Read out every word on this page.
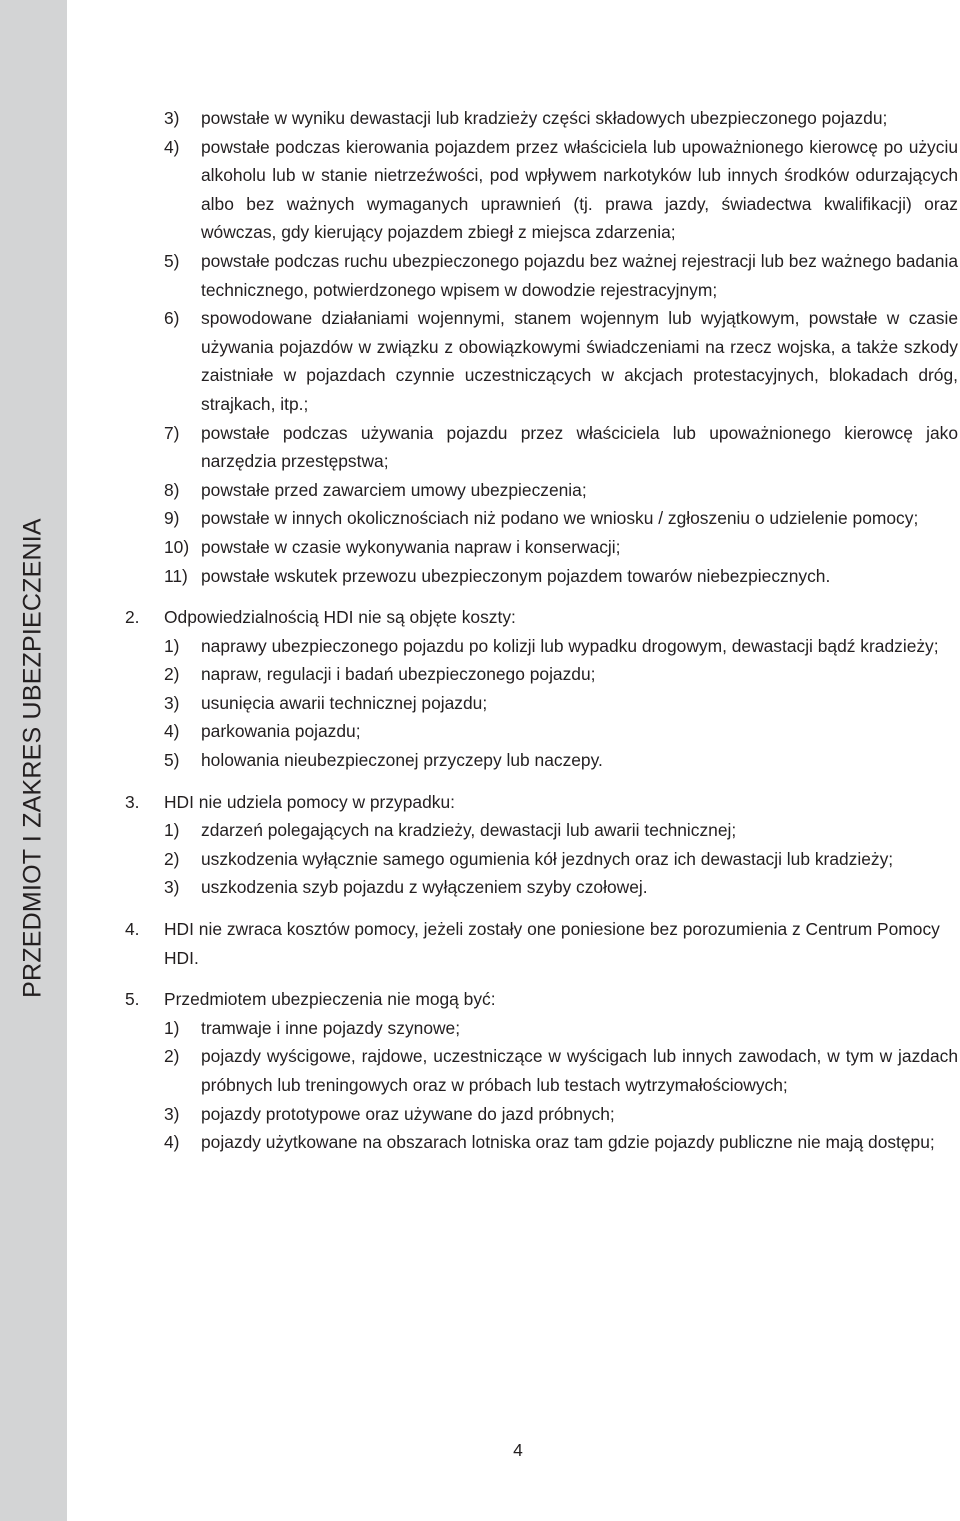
PRZEDMIOT I ZAKRES UBEZPIECZENIA
3) powstałe w wyniku dewastacji lub kradzieży części składowych ubezpieczonego pojazdu;
4) powstałe podczas kierowania pojazdem przez właściciela lub upoważnionego kierowcę po użyciu alkoholu lub w stanie nietrzeźwości, pod wpływem narkotyków lub innych środków odurzających albo bez ważnych wymaganych uprawnień (tj. prawa jazdy, świadectwa kwalifikacji) oraz wówczas, gdy kierujący pojazdem zbiegł z miejsca zdarzenia;
5) powstałe podczas ruchu ubezpieczonego pojazdu bez ważnej rejestracji lub bez ważnego badania technicznego, potwierdzonego wpisem w dowodzie rejestracyjnym;
6) spowodowane działaniami wojennymi, stanem wojennym lub wyjątkowym, powstałe w czasie używania pojazdów w związku z obowiązkowymi świadczeniami na rzecz wojska, a także szkody zaistniałe w pojazdach czynnie uczestniczących w akcjach protestacyjnych, blokadach dróg, strajkach, itp.;
7) powstałe podczas używania pojazdu przez właściciela lub upoważnionego kierowcę jako narzędzia przestępstwa;
8) powstałe przed zawarciem umowy ubezpieczenia;
9) powstałe w innych okolicznościach niż podano we wniosku / zgłoszeniu o udzielenie pomocy;
10) powstałe w czasie wykonywania napraw i konserwacji;
11) powstałe wskutek przewozu ubezpieczonym pojazdem towarów niebezpiecznych.
2. Odpowiedzialnością HDI nie są objęte koszty:
1) naprawy ubezpieczonego pojazdu po kolizji lub wypadku drogowym, dewastacji bądź kradzieży;
2) napraw, regulacji i badań ubezpieczonego pojazdu;
3) usunięcia awarii technicznej pojazdu;
4) parkowania pojazdu;
5) holowania nieubezpieczonej przyczepy lub naczepy.
3. HDI nie udziela pomocy w przypadku:
1) zdarzeń polegających na kradzieży, dewastacji lub awarii technicznej;
2) uszkodzenia wyłącznie samego ogumienia kół jezdnych oraz ich dewastacji lub kradzieży;
3) uszkodzenia szyb pojazdu z wyłączeniem szyby czołowej.
4. HDI nie zwraca kosztów pomocy, jeżeli zostały one poniesione bez porozumienia z Centrum Pomocy HDI.
5. Przedmiotem ubezpieczenia nie mogą być:
1) tramwaje i inne pojazdy szynowe;
2) pojazdy wyścigowe, rajdowe, uczestniczące w wyścigach lub innych zawodach, w tym w jazdach próbnych lub treningowych oraz w próbach lub testach wytrzymałościowych;
3) pojazdy prototypowe oraz używane do jazd próbnych;
4) pojazdy użytkowane na obszarach lotniska oraz tam gdzie pojazdy publiczne nie mają dostępu;
4
